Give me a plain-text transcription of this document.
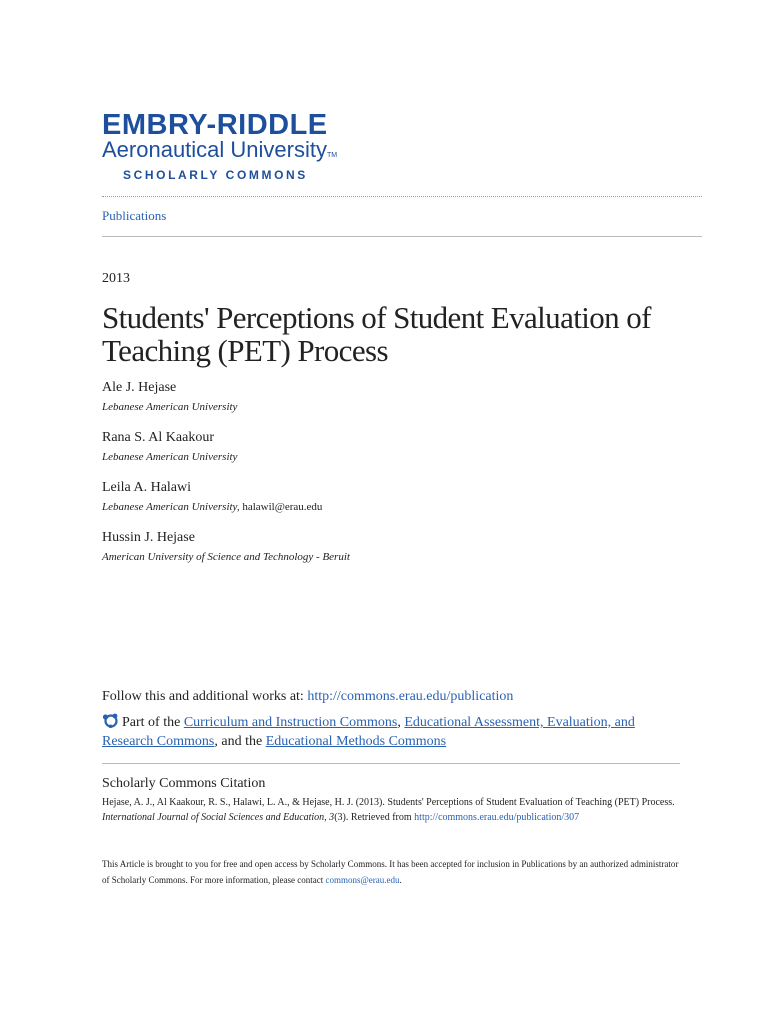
EMBRY-RIDDLE
Aeronautical UniversityTM
SCHOLARLY COMMONS
Publications
2013
Students' Perceptions of Student Evaluation of Teaching (PET) Process
Ale J. Hejase
Lebanese American University
Rana S. Al Kaakour
Lebanese American University
Leila A. Halawi
Lebanese American University, halawil@erau.edu
Hussin J. Hejase
American University of Science and Technology - Beruit
Follow this and additional works at: http://commons.erau.edu/publication
Part of the Curriculum and Instruction Commons, Educational Assessment, Evaluation, and Research Commons, and the Educational Methods Commons
Scholarly Commons Citation
Hejase, A. J., Al Kaakour, R. S., Halawi, L. A., & Hejase, H. J. (2013). Students' Perceptions of Student Evaluation of Teaching (PET) Process. International Journal of Social Sciences and Education, 3(3). Retrieved from http://commons.erau.edu/publication/307
This Article is brought to you for free and open access by Scholarly Commons. It has been accepted for inclusion in Publications by an authorized administrator of Scholarly Commons. For more information, please contact commons@erau.edu.
